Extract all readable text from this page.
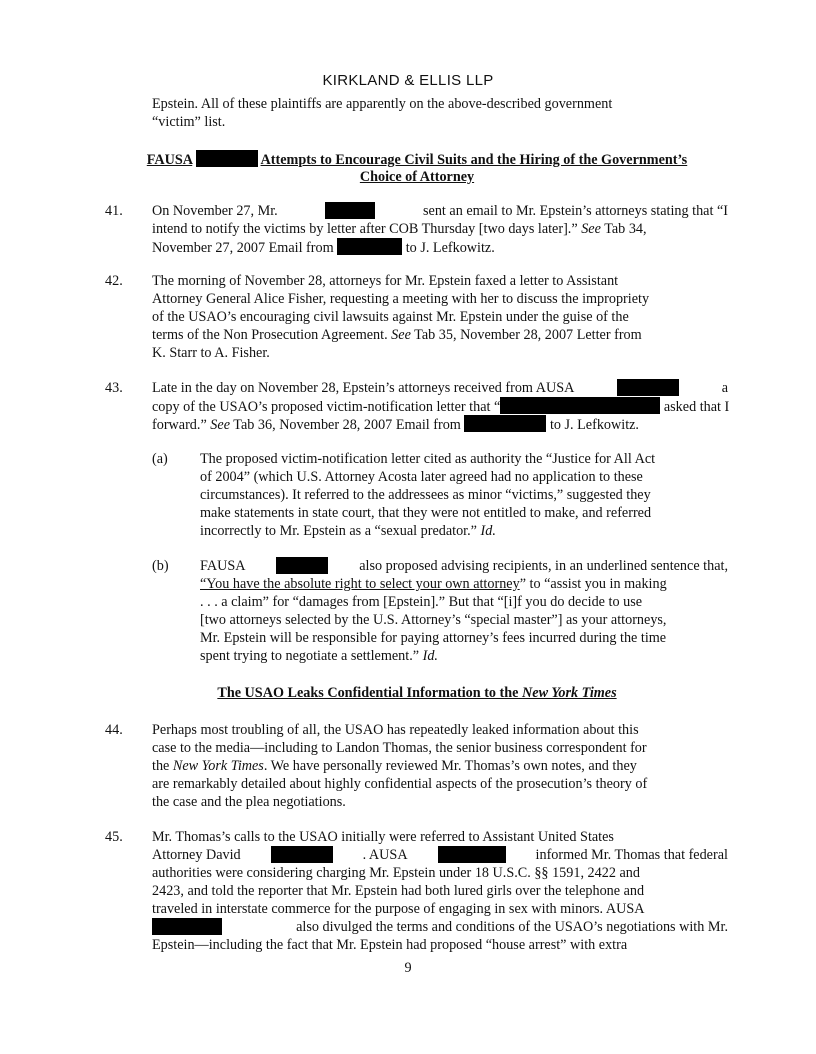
KIRKLAND & ELLIS LLP
Epstein. All of these plaintiffs are apparently on the above-described government
“victim” list.
FAUSA	Attempts to Encourage Civil Suits and the Hiring of the Government’s
Choice of Attorney
41. On November 27, Mr.	sent an email to Mr. Epstein’s attorneys stating that “I
intend to notify the victims by letter after COB Thursday [two days later].” See Tab 34,
November 27, 2007 Email from	to J. Lefkowitz.
42. The morning of November 28, attorneys for Mr. Epstein faxed a letter to Assistant
Attorney General Alice Fisher, requesting a meeting with her to discuss the impropriety
of the USAO’s encouraging civil lawsuits against Mr. Epstein under the guise of the
terms of the Non Prosecution Agreement. See Tab 35, November 28, 2007 Letter from
K. Starr to A. Fisher.
43. Late in the day on November 28, Epstein’s attorneys received from AUSA	a
copy of the USAO’s proposed victim-notification letter that “	asked that I
forward.” See Tab 36, November 28, 2007 Email from	to J. Lefkowitz.
(a) The proposed victim-notification letter cited as authority the “Justice for All Act
of 2004” (which U.S. Attorney Acosta later agreed had no application to these
circumstances). It referred to the addressees as minor “victims,” suggested they
make statements in state court, that they were not entitled to make, and referred
incorrectly to Mr. Epstein as a “sexual predator.” Id.
(b) FAUSA	also proposed advising recipients, in an underlined sentence that,
“You have the absolute right to select your own attorney” to “assist you in making
. . . a claim” for “damages from [Epstein].” But that “[i]f you do decide to use
[two attorneys selected by the U.S. Attorney’s “special master”] as your attorneys,
Mr. Epstein will be responsible for paying attorney’s fees incurred during the time
spent trying to negotiate a settlement.” Id.
The USAO Leaks Confidential Information to the New York Times
44. Perhaps most troubling of all, the USAO has repeatedly leaked information about this
case to the media—including to Landon Thomas, the senior business correspondent for
the New York Times. We have personally reviewed Mr. Thomas’s own notes, and they
are remarkably detailed about highly confidential aspects of the prosecution’s theory of
the case and the plea negotiations.
45. Mr. Thomas’s calls to the USAO initially were referred to Assistant United States
Attorney David	. AUSA	informed Mr. Thomas that federal
authorities were considering charging Mr. Epstein under 18 U.S.C. §§ 1591, 2422 and
2423, and told the reporter that Mr. Epstein had both lured girls over the telephone and
traveled in interstate commerce for the purpose of engaging in sex with minors. AUSA
also divulged the terms and conditions of the USAO’s negotiations with Mr.
Epstein—including the fact that Mr. Epstein had proposed “house arrest” with extra
9
